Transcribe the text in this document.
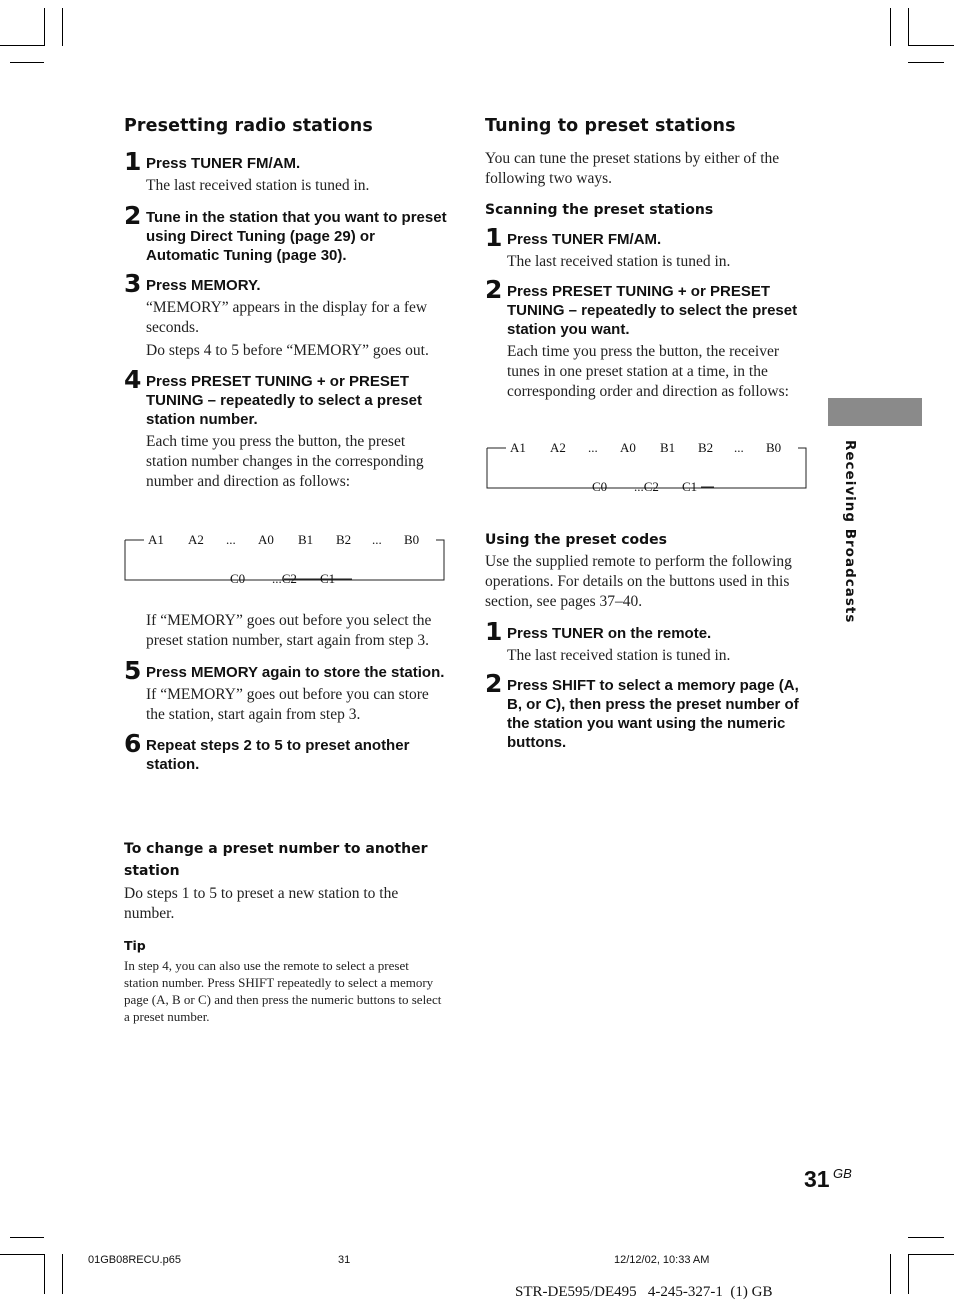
Presetting radio stations
1 Press TUNER FM/AM.
The last received station is tuned in.
2 Tune in the station that you want to preset using Direct Tuning (page 29) or Automatic Tuning (page 30).
3 Press MEMORY.
“MEMORY” appears in the display for a few seconds.
Do steps 4 to 5 before “MEMORY” goes out.
4 Press PRESET TUNING + or PRESET TUNING – repeatedly to select a preset station number.
Each time you press the button, the preset station number changes in the corresponding number and direction as follows:
A1 A2 ... A0 B1 B2 ... B0
C0 ...C2 C1
If “MEMORY” goes out before you select the preset station number, start again from step 3.
5 Press MEMORY again to store the station.
If “MEMORY” goes out before you can store the station, start again from step 3.
6 Repeat steps 2 to 5 to preset another station.
To change a preset number to another station
Do steps 1 to 5 to preset a new station to the number.
Tip
In step 4, you can also use the remote to select a preset station number. Press SHIFT repeatedly to select a memory page (A, B or C) and then press the numeric buttons to select a preset number.
Tuning to preset stations
You can tune the preset stations by either of the following two ways.
Scanning the preset stations
1 Press TUNER FM/AM.
The last received station is tuned in.
2 Press PRESET TUNING + or PRESET TUNING – repeatedly to select the preset station you want.
Each time you press the button, the receiver tunes in one preset station at a time, in the corresponding order and direction as follows:
A1 A2 ... A0 B1 B2 ... B0
C0 ...C2 C1
Using the preset codes
Use the supplied remote to perform the following operations. For details on the buttons used in this section, see pages 37–40.
1 Press TUNER on the remote.
The last received station is tuned in.
2 Press SHIFT to select a memory page (A, B, or C), then press the preset number of the station you want using the numeric buttons.
Receiving Broadcasts
31 GB
01GB08RECU.p65	31	12/12/02, 10:33 AM
STR-DE595/DE495   4-245-327-1  (1) GB
